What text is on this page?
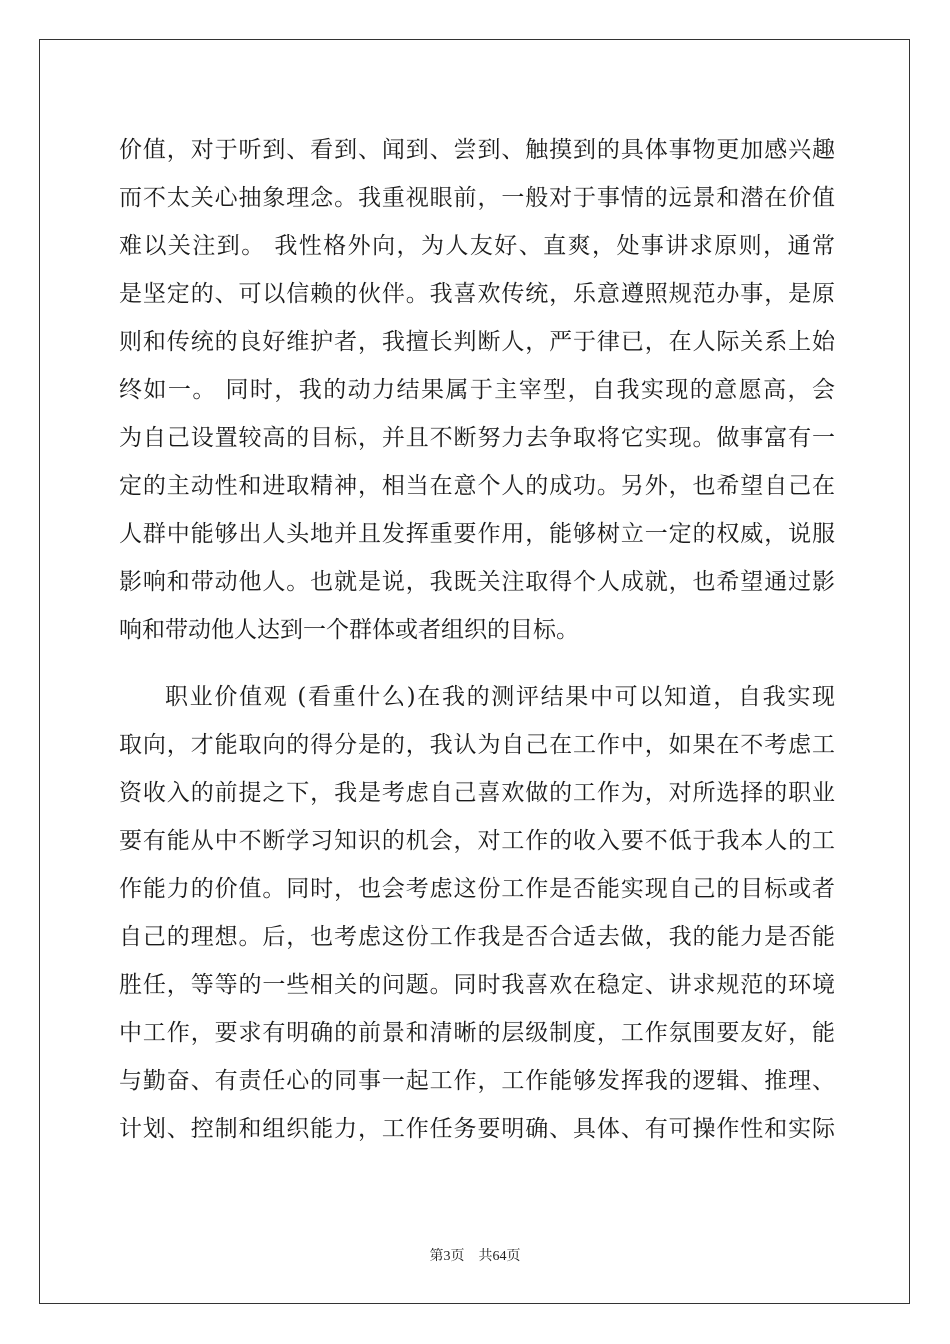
价值，对于听到、看到、闻到、尝到、触摸到的具体事物更加感兴趣
而不太关心抽象理念。我重视眼前，一般对于事情的远景和潜在价值
难以关注到。 我性格外向，为人友好、直爽，处事讲求原则，通常
是坚定的、可以信赖的伙伴。我喜欢传统，乐意遵照规范办事，是原
则和传统的良好维护者，我擅长判断人，严于律已，在人际关系上始
终如一。 同时，我的动力结果属于主宰型，自我实现的意愿高，会
为自己设置较高的目标，并且不断努力去争取将它实现。做事富有一
定的主动性和进取精神，相当在意个人的成功。另外，也希望自己在
人群中能够出人头地并且发挥重要作用，能够树立一定的权威，说服
影响和带动他人。也就是说，我既关注取得个人成就，也希望通过影
响和带动他人达到一个群体或者组织的目标。
职业价值观 (看重什么)在我的测评结果中可以知道，自我实现
取向，才能取向的得分是的，我认为自己在工作中，如果在不考虑工
资收入的前提之下，我是考虑自己喜欢做的工作为，对所选择的职业
要有能从中不断学习知识的机会，对工作的收入要不低于我本人的工
作能力的价值。同时，也会考虑这份工作是否能实现自己的目标或者
自己的理想。后，也考虑这份工作我是否合适去做，我的能力是否能
胜任，等等的一些相关的问题。同时我喜欢在稳定、讲求规范的环境
中工作，要求有明确的前景和清晰的层级制度，工作氛围要友好，能
与勤奋、有责任心的同事一起工作，工作能够发挥我的逻辑、推理、
计划、控制和组织能力，工作任务要明确、具体、有可操作性和实际
第3页 共64页
